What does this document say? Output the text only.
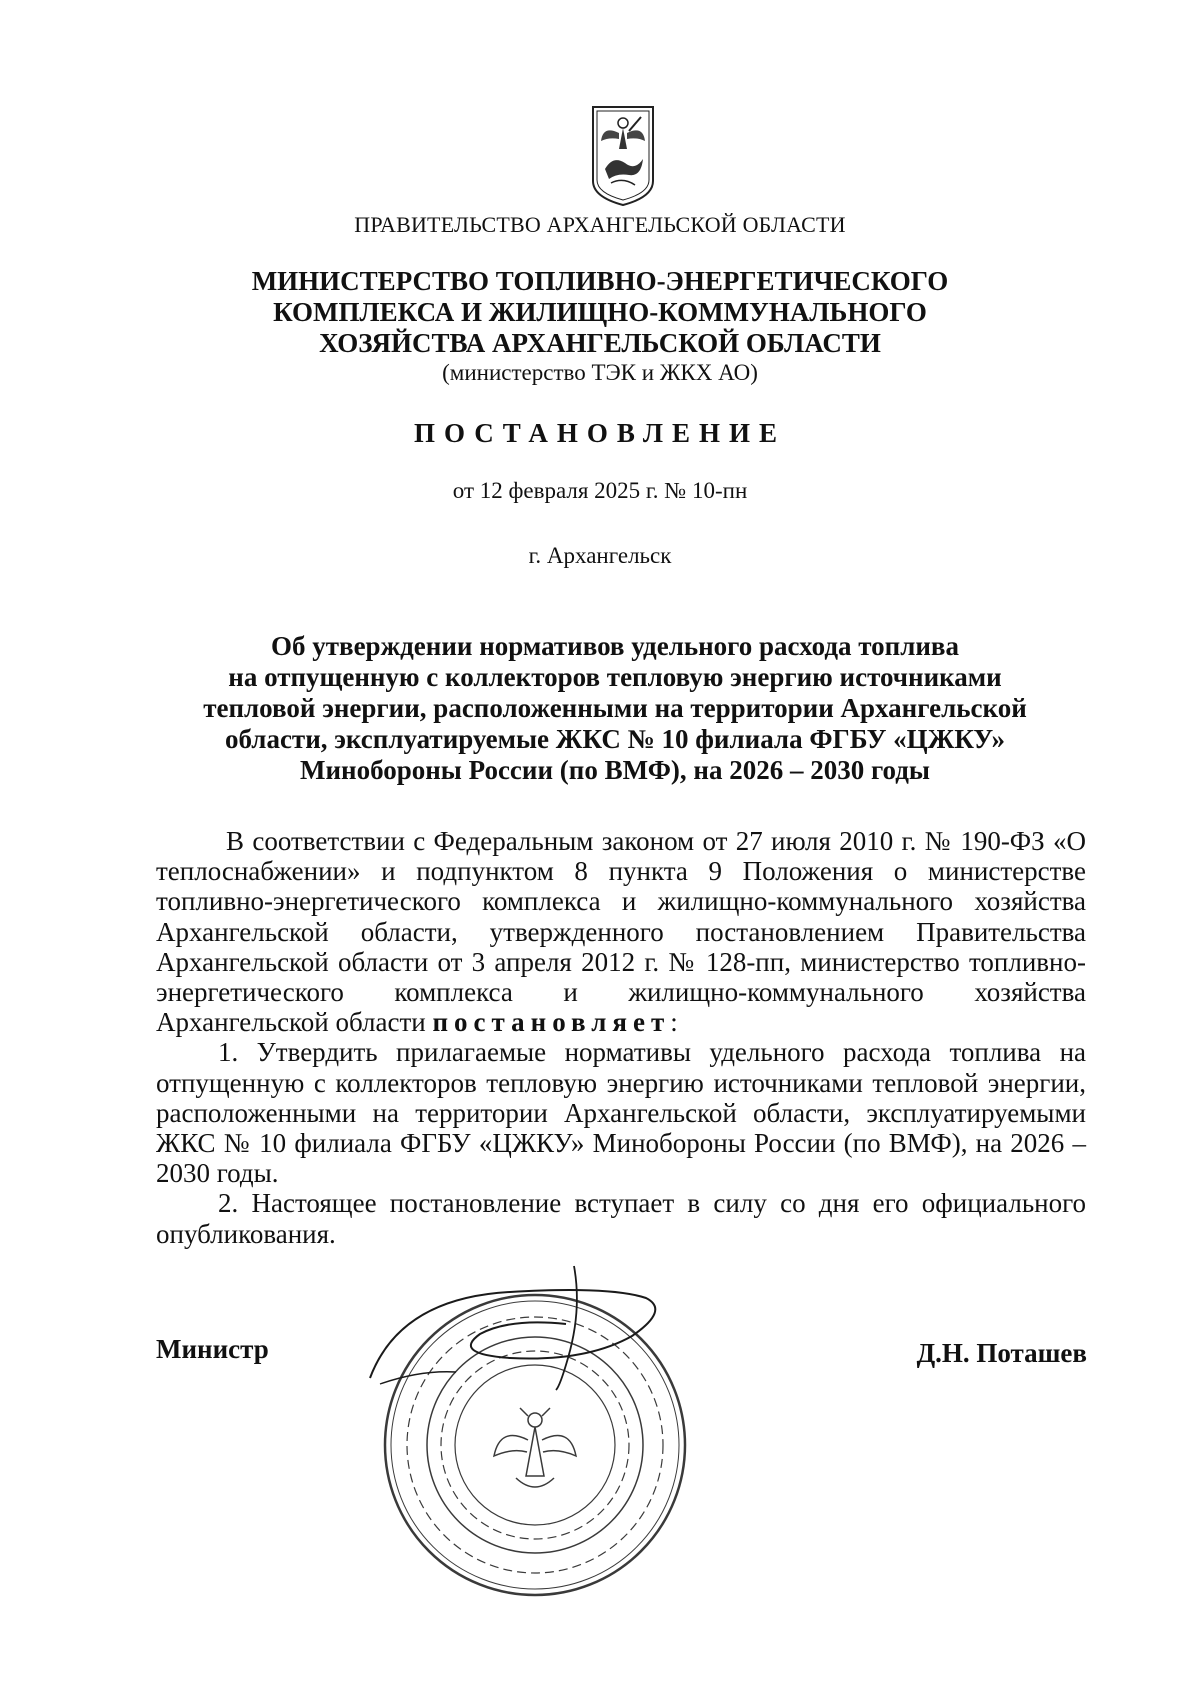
ПРАВИТЕЛЬСТВО АРХАНГЕЛЬСКОЙ ОБЛАСТИ
МИНИСТЕРСТВО ТОПЛИВНО-ЭНЕРГЕТИЧЕСКОГО
КОМПЛЕКСА И ЖИЛИЩНО-КОММУНАЛЬНОГО
ХОЗЯЙСТВА АРХАНГЕЛЬСКОЙ ОБЛАСТИ
(министерство ТЭК и ЖКХ АО)
ПОСТАНОВЛЕНИЕ
от 12 февраля 2025 г. № 10-пн
г. Архангельск
Об утверждении нормативов удельного расхода топлива
на отпущенную с коллекторов тепловую энергию источниками
тепловой энергии, расположенными на территории Архангельской
области, эксплуатируемые ЖКС № 10 филиала ФГБУ «ЦЖКУ»
Минобороны России (по ВМФ), на 2026 – 2030 годы

В соответствии с Федеральным законом от 27 июля 2010 г. № 190-ФЗ «О теплоснабжении» и подпунктом 8 пункта 9 Положения о министерстве топливно-энергетического комплекса и жилищно-коммунального хозяйства Архангельской области, утвержденного постановлением Правительства Архангельской области от 3 апреля 2012 г. № 128-пп, министерство топливно-энергетического комплекса и жилищно-коммунального хозяйства Архангельской области постановляет:

1. Утвердить прилагаемые нормативы удельного расхода топлива на отпущенную с коллекторов тепловую энергию источниками тепловой энергии, расположенными на территории Архангельской области, эксплуатируемыми ЖКС № 10 филиала ФГБУ «ЦЖКУ» Минобороны России (по ВМФ), на 2026 – 2030 годы.

2. Настоящее постановление вступает в силу со дня его официального опубликования.

Министр	Д.Н. Поташев
